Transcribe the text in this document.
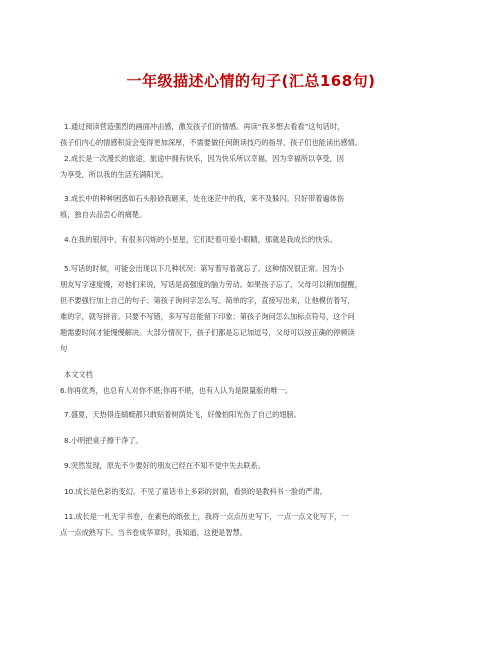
一年级描述心情的句子(汇总168句)
1.通过阅读营造强烈的画面冲击感，激发孩子们的情感。再读“我多想去看看”这句话时，
孩子们内心的情感积淀会变得更加深厚，不需要做任何朗读技巧的指导，孩子们也能读出感情。
2.成长是一次漫长的旅途，旅途中拥有快乐，因为快乐所以幸福，因为幸福所以享受，因
为享受，所以我的生活充满阳光。
3.成长中的种种困惑如石头般砂我砸来，处在迷茫中的我，来不及躲闪。只好带着遍体伤
痕，独自去品尝心的痛楚。
4.在我的银河中，有很多闪烁的小星星，它们眨着可爱小眼睛，那就是我成长的快乐。
5.写话的时候，可能会出现以下几种状况：第写着写着就忘了，这种情况很正常。因为小
朋友写字速度慢，对他们来说，写话是高强度的脑力劳动。如果孩子忘了，父母可以稍加提醒，
但不要强行加上自己的句子；第孩子询问字怎么写。简单的字，直接写出来，让他模仿着写，
难的字，就写拼音。只要不写错，多写写总能留下印象；第孩子询问怎么加标点符号，这个问
题需要时间才能慢慢解决。大部分情况下，孩子们都是忘记加逗号，父母可以按正确的停顿读
句
本文文档
6.你再优秀，也总有人对你不堪;你再不堪，也有人认为是限量版的唯一。
7.盛夏，天热得连蜻蜓都只敢贴着树荫处飞，好像怕阳光伤了自己的翅膀。
8.小明把桌子擦干净了。
9.突然发现，原先不少要好的朋友已经在不知不觉中失去联系。
10.成长是色彩的变幻。不见了童话书上多彩的封面，看到的是教科书一脸的严肃。
11.成长是一札无字书卷，在素色的纸张上，我将一点点历史写下，一点一点文化写下，一
点一点成熟写下。当书卷成华章时，我知道，这便是智慧。
